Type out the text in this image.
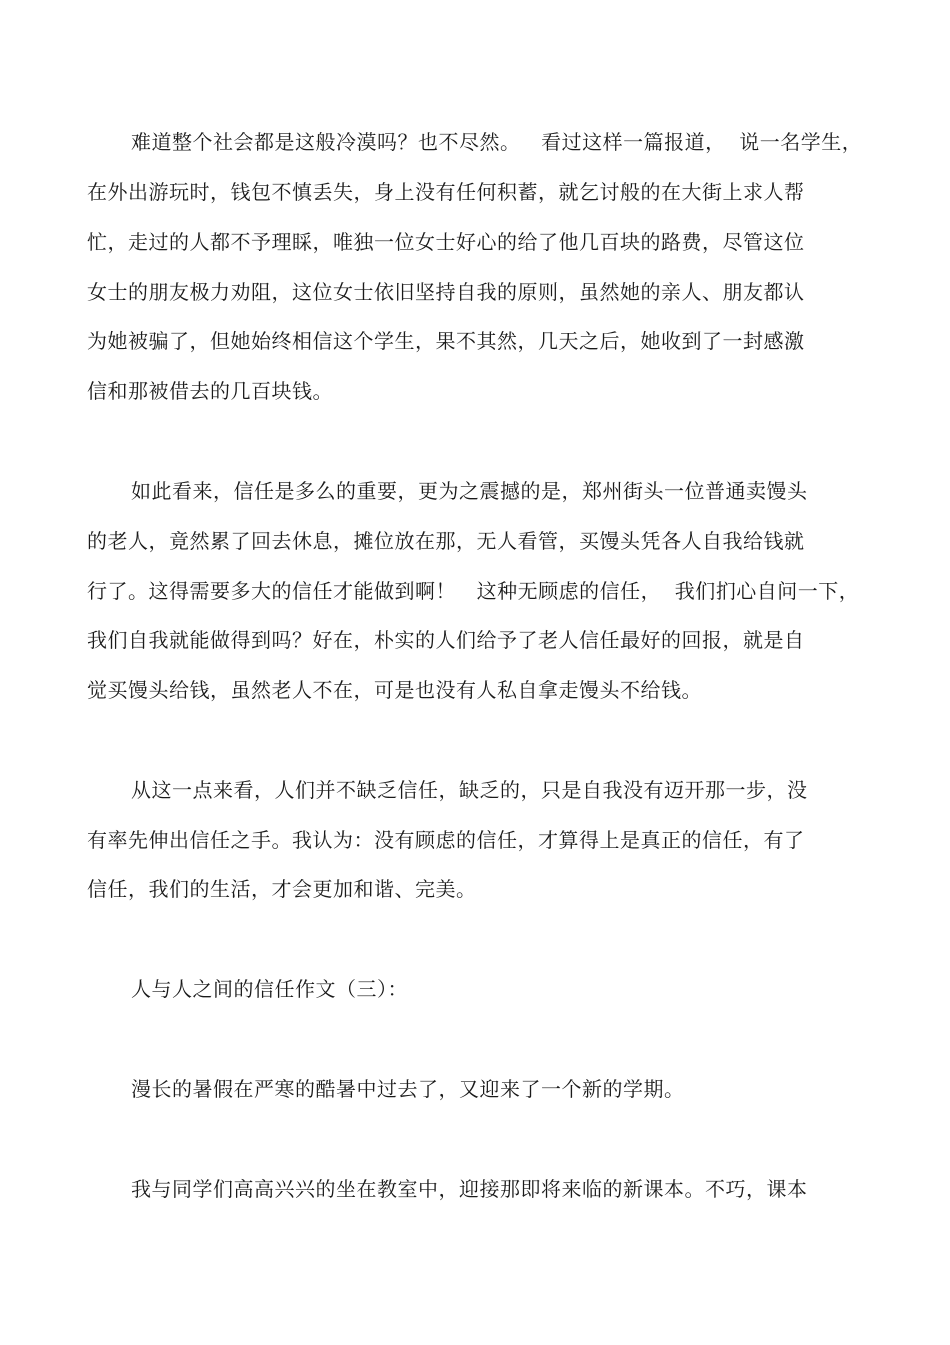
难道整个社会都是这般冷漠吗？也不尽然。   看过这样一篇报道，  说一名学生，
在外出游玩时，钱包不慎丢失，身上没有任何积蓄，就乞讨般的在大街上求人帮
忙，走过的人都不予理睬，唯独一位女士好心的给了他几百块的路费，尽管这位
女士的朋友极力劝阻，这位女士依旧坚持自我的原则，虽然她的亲人、朋友都认
为她被骗了，但她始终相信这个学生，果不其然，几天之后，她收到了一封感激
信和那被借去的几百块钱。
如此看来，信任是多么的重要，更为之震撼的是，郑州街头一位普通卖馒头
的老人，竟然累了回去休息，摊位放在那，无人看管，买馒头凭各人自我给钱就
行了。这得需要多大的信任才能做到啊！   这种无顾虑的信任，  我们扪心自问一下，
我们自我就能做得到吗？好在，朴实的人们给予了老人信任最好的回报，就是自
觉买馒头给钱，虽然老人不在，可是也没有人私自拿走馒头不给钱。
从这一点来看，人们并不缺乏信任，缺乏的，只是自我没有迈开那一步，没
有率先伸出信任之手。我认为：没有顾虑的信任，才算得上是真正的信任，有了
信任，我们的生活，才会更加和谐、完美。
人与人之间的信任作文（三）：
漫长的暑假在严寒的酷暑中过去了，又迎来了一个新的学期。
我与同学们高高兴兴的坐在教室中，迎接那即将来临的新课本。不巧，课本
